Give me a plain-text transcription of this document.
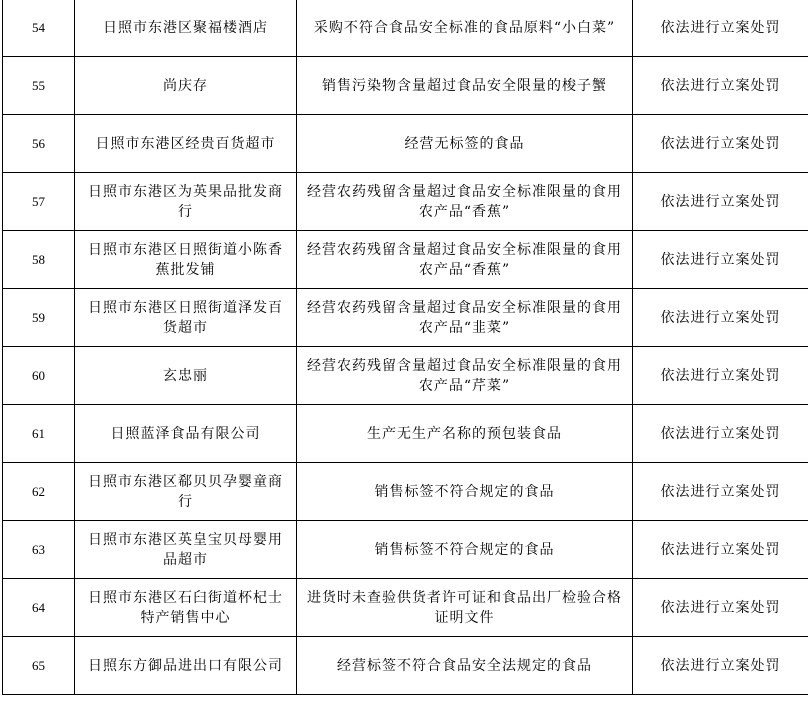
54	日照市东港区聚福楼酒店	采购不符合食品安全标准的食品原料“小白菜”	依法进行立案处罚
55	尚庆存	销售污染物含量超过食品安全限量的梭子蟹	依法进行立案处罚
56	日照市东港区经贵百货超市	经营无标签的食品	依法进行立案处罚
57	日照市东港区为英果品批发商行	经营农药残留含量超过食品安全标准限量的食用农产品“香蕉”	依法进行立案处罚
58	日照市东港区日照街道小陈香蕉批发铺	经营农药残留含量超过食品安全标准限量的食用农产品“香蕉”	依法进行立案处罚
59	日照市东港区日照街道泽发百货超市	经营农药残留含量超过食品安全标准限量的食用农产品“韭菜”	依法进行立案处罚
60	玄忠丽	经营农药残留含量超过食品安全标准限量的食用农产品“芹菜”	依法进行立案处罚
61	日照蓝泽食品有限公司	生产无生产名称的预包装食品	依法进行立案处罚
62	日照市东港区郗贝贝孕婴童商行	销售标签不符合规定的食品	依法进行立案处罚
63	日照市东港区英皇宝贝母婴用品超市	销售标签不符合规定的食品	依法进行立案处罚
64	日照市东港区石臼街道杯杞士特产销售中心	进货时未查验供货者许可证和食品出厂检验合格证明文件	依法进行立案处罚
65	日照东方御品进出口有限公司	经营标签不符合食品安全法规定的食品	依法进行立案处罚
